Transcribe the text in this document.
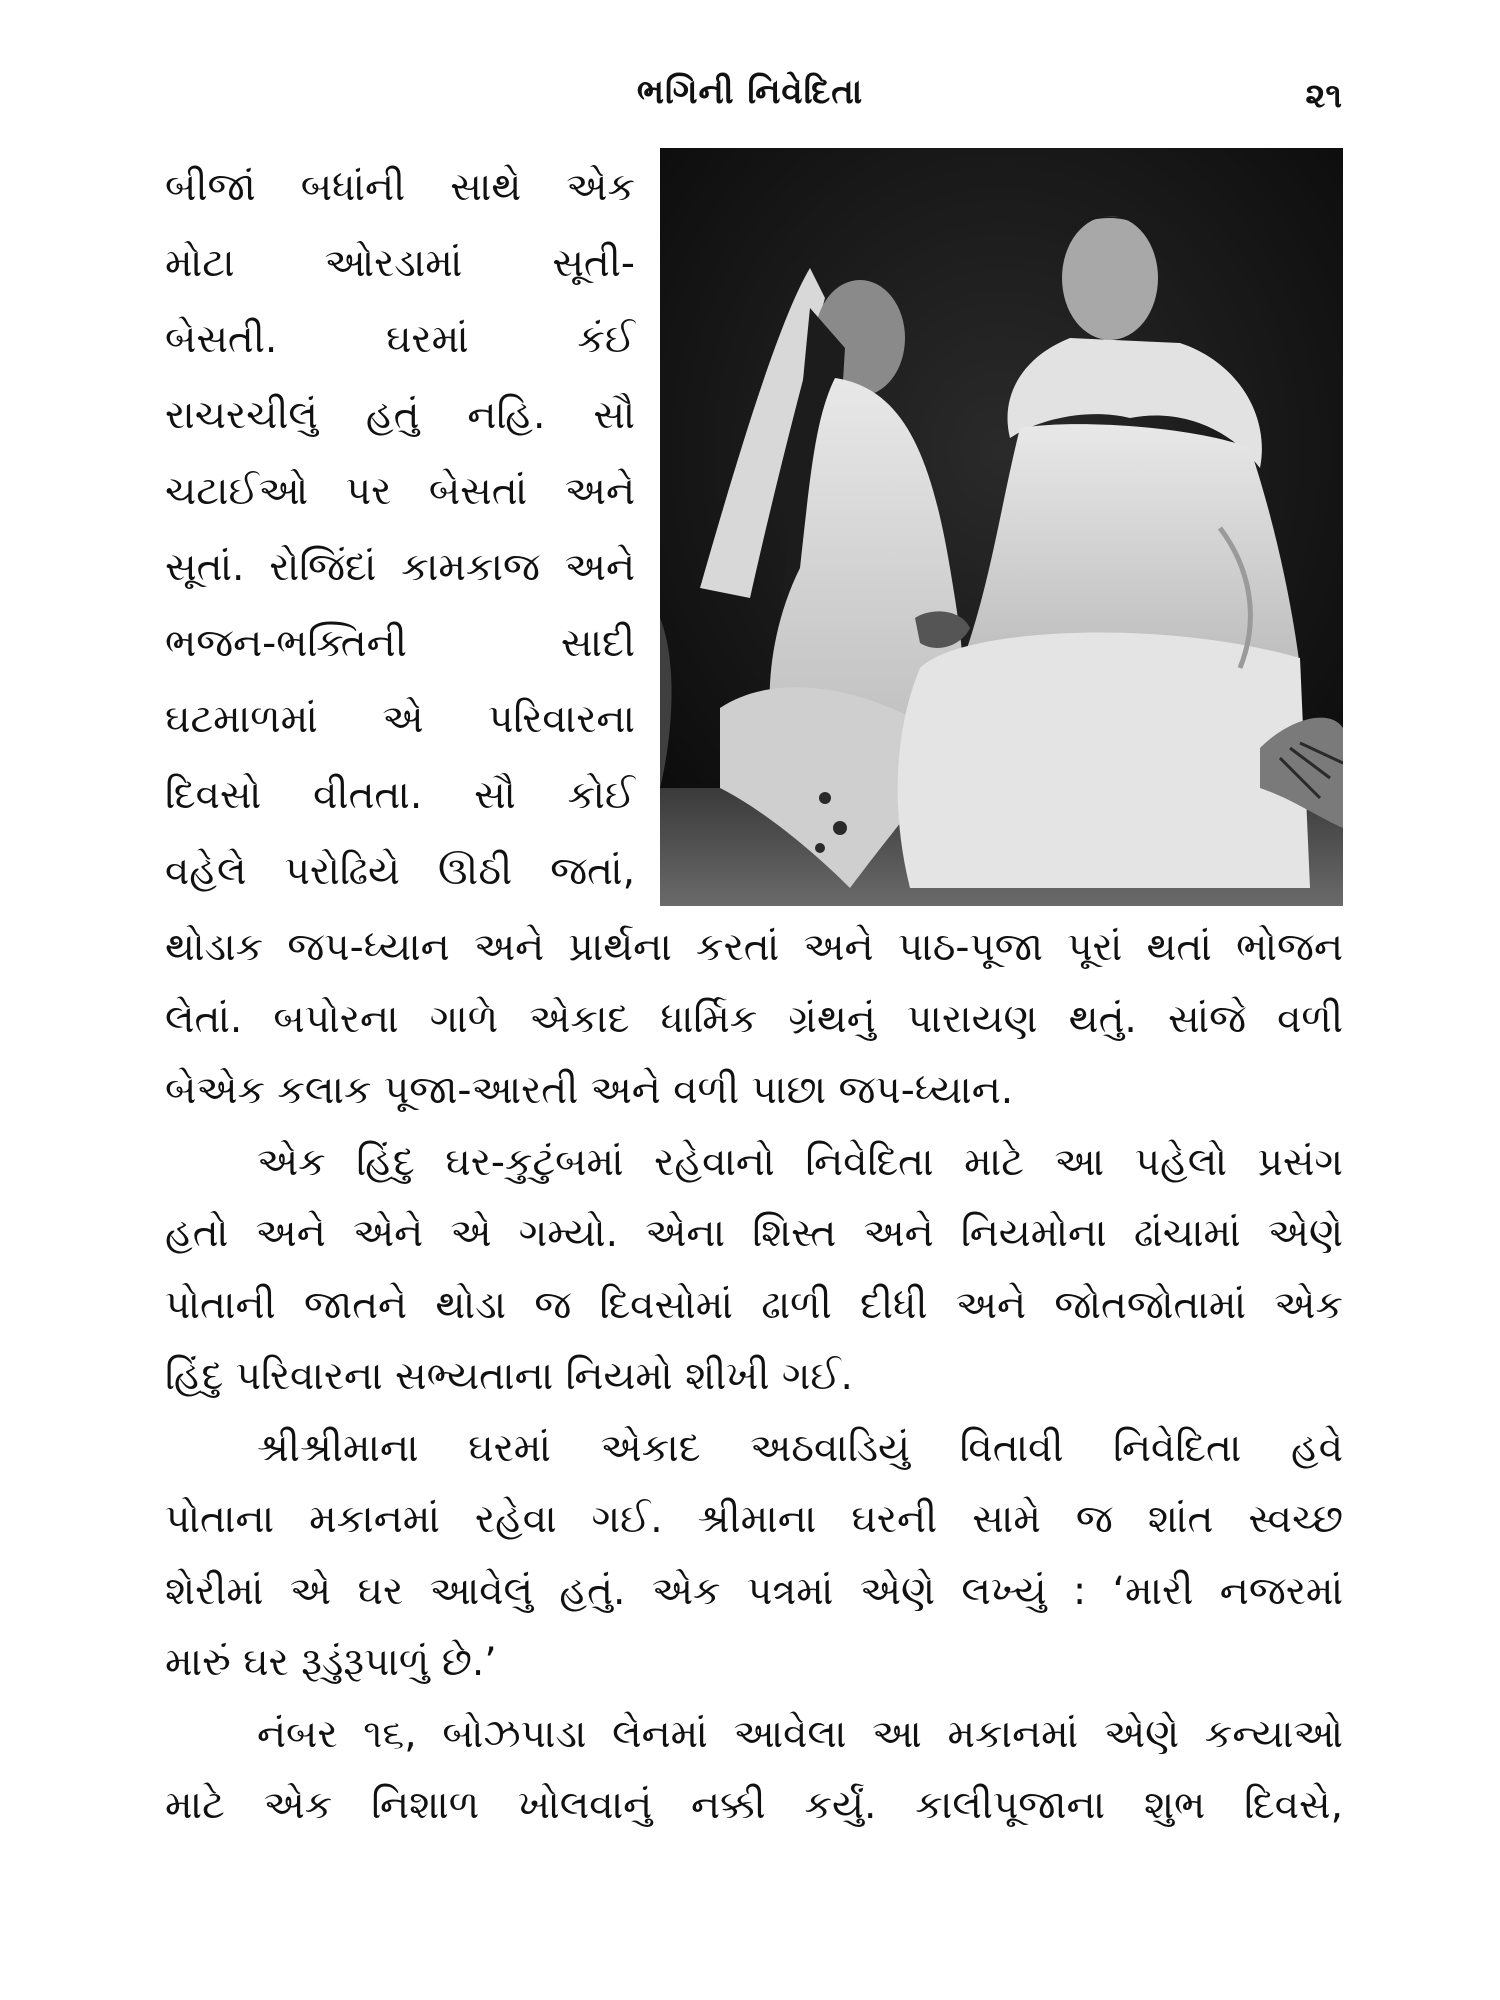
ભગિની નિવેદિતા	૨૧
બીજાં બધાંની સાથે એક
મોટા ઓરડામાં સૂતી-
બેસતી. ઘરમાં કંઈ
રાચરચીલું હતું નહિ. સૌ
ચટાઈઓ પર બેસતાં અને
સૂતાં. રોજિંદાં કામકાજ અને
ભજન-ભક્તિની સાદી
ઘટમાળમાં એ પરિવારના
દિવસો વીતતા. સૌ કોઈ
વહેલે પરોઢિયે ઊઠી જતાં,
થોડાક જપ-ધ્યાન અને પ્રાર્થના કરતાં અને પાઠ-પૂજા પૂરાં થતાં ભોજન
લેતાં. બપોરના ગાળે એકાદ ધાર્મિક ગ્રંથનું પારાયણ થતું. સાંજે વળી
બેએક કલાક પૂજા-આરતી અને વળી પાછા જપ-ધ્યાન.
એક હિંદુ ઘર-કુટુંબમાં રહેવાનો નિવેદિતા માટે આ પહેલો પ્રસંગ
હતો અને એને એ ગમ્યો. એના શિસ્ત અને નિયમોના ઢાંચામાં એણે
પોતાની જાતને થોડા જ દિવસોમાં ઢાળી દીધી અને જોતજોતામાં એક
હિંદુ પરિવારના સભ્યતાના નિયમો શીખી ગઈ.
શ્રીશ્રીમાના ઘરમાં એકાદ અઠવાડિયું વિતાવી નિવેદિતા હવે
પોતાના મકાનમાં રહેવા ગઈ. શ્રીમાના ઘરની સામે જ શાંત સ્વચ્છ
શેરીમાં એ ઘર આવેલું હતું. એક પત્રમાં એણે લખ્યું : ‘મારી નજરમાં
મારું ઘર રૂડુંરૂપાળું છે.’
નંબર ૧૬, બોઝપાડા લેનમાં આવેલા આ મકાનમાં એણે કન્યાઓ
માટે એક નિશાળ ખોલવાનું નક્કી કર્યું. કાલીપૂજાના શુભ દિવસે,
